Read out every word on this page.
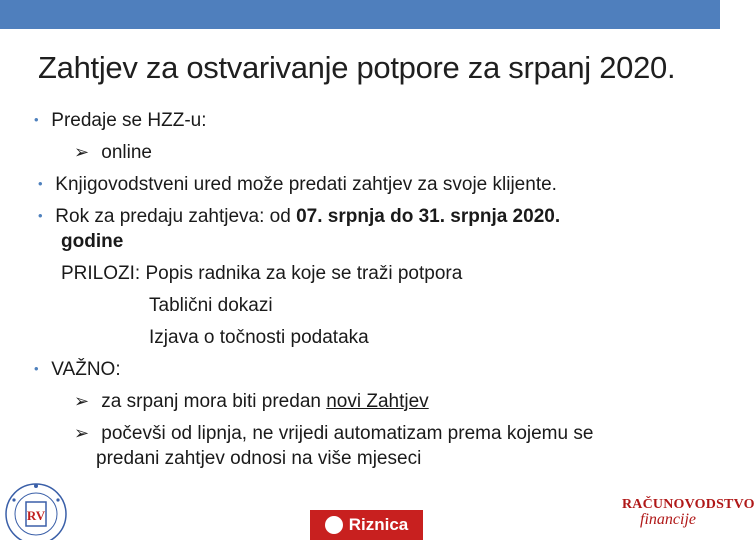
Zahtjev za ostvarivanje potpore za srpanj 2020.
• Predaje se HZZ-u:
➢ online
• Knjigovodstveni ured može predati zahtjev za svoje klijente.
• Rok za predaju zahtjeva: od 07. srpnja do 31. srpnja 2020.
godine
PRILOZI: Popis radnika za koje se traži potpora
Tablični dokazi
Izjava o točnosti podataka
• VAŽNO:
➢ za srpanj mora biti predan novi Zahtjev
➢ počevši od lipnja, ne vrijedi automatizam prema kojemu se
predani zahtjev odnosi na više mjeseci
RV	Riznica
RAČUNOVODSTVO
financije
